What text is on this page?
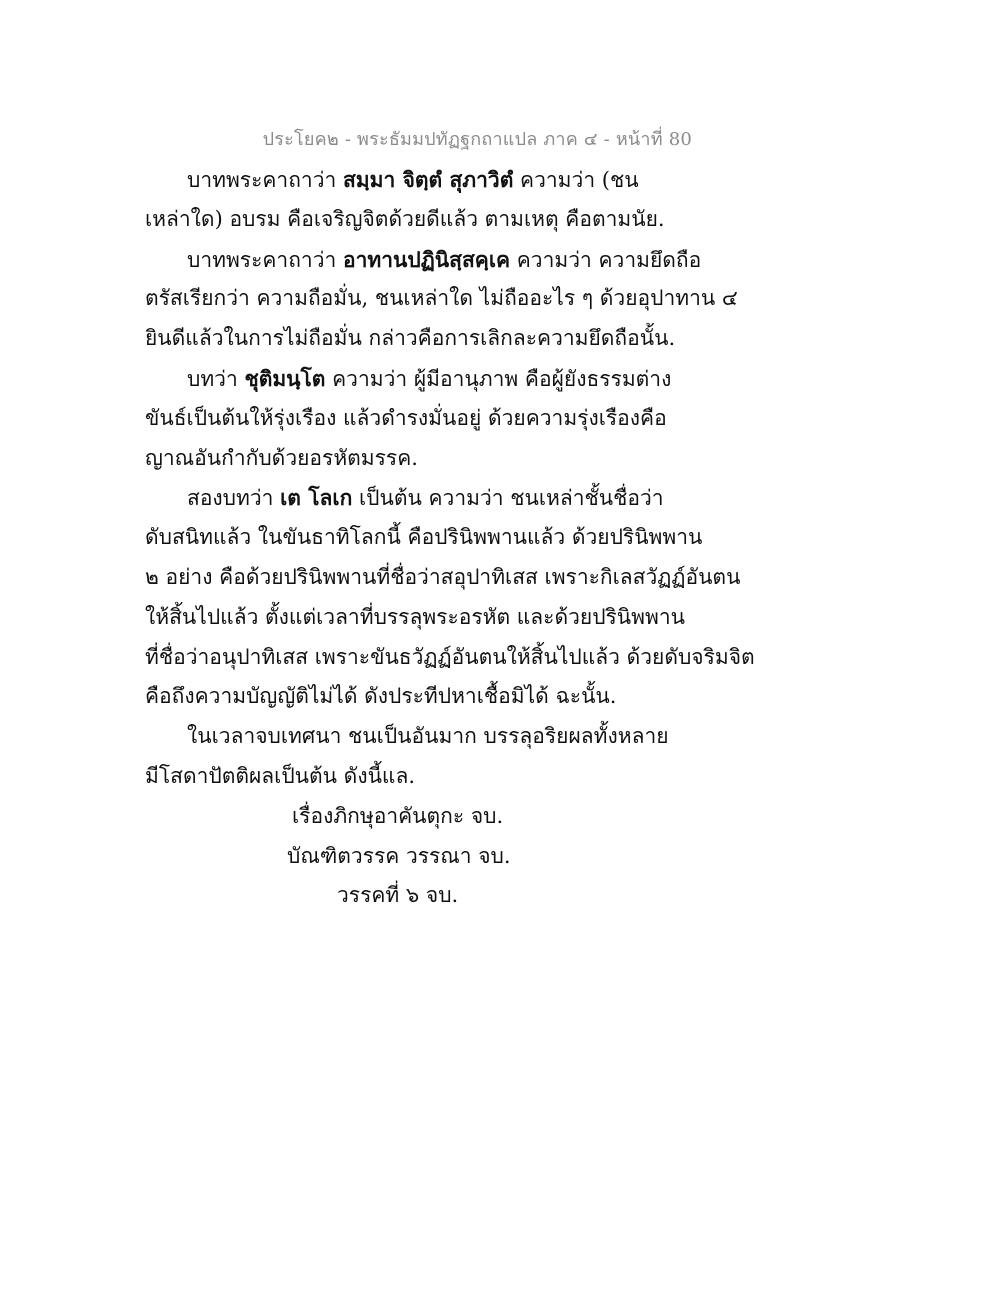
ประโยค๒ - พระธัมมปทัฏฐกถาแปล ภาค ๔ - หน้าที่ 80
บาทพระคาถาว่า สมฺมา จิตฺตํ สุภาวิตํ ความว่า (ชน
เหล่าใด) อบรม คือเจริญจิตด้วยดีแล้ว ตามเหตุ คือตามนัย.
บาทพระคาถาว่า อาทานปฏินิสฺสคฺเค ความว่า ความยึดถือ
ตรัสเรียกว่า ความถือมั่น, ชนเหล่าใด ไม่ถืออะไร ๆ ด้วยอุปาทาน ๔
ยินดีแล้วในการไม่ถือมั่น กล่าวคือการเลิกละความยึดถือนั้น.
บทว่า ชุติมนฺโต ความว่า ผู้มีอานุภาพ คือผู้ยังธรรมต่าง
ขันธ์เป็นต้นให้รุ่งเรือง แล้วดำรงมั่นอยู่ ด้วยความรุ่งเรืองคือ
ญาณอันกำกับด้วยอรหัตมรรค.
สองบทว่า เต โลเก เป็นต้น ความว่า ชนเหล่าชั้นชื่อว่า
ดับสนิทแล้ว ในขันธาทิโลกนี้ คือปรินิพพานแล้ว ด้วยปรินิพพาน
๒ อย่าง คือด้วยปรินิพพานที่ชื่อว่าสอุปาทิเสส เพราะกิเลสวัฏฏ์อันตน
ให้สิ้นไปแล้ว ตั้งแต่เวลาที่บรรลุพระอรหัต และด้วยปรินิพพาน
ที่ชื่อว่าอนุปาทิเสส เพราะขันธวัฏฏ์อันตนให้สิ้นไปแล้ว ด้วยดับจริมจิต
คือถึงความบัญญัติไม่ได้ ดังประทีปหาเชื้อมิได้ ฉะนั้น.
ในเวลาจบเทศนา ชนเป็นอันมาก บรรลุอริยผลทั้งหลาย
มีโสดาปัตติผลเป็นต้น ดังนี้แล.
เรื่องภิกษุอาคันตุกะ จบ.
บัณฑิตวรรค วรรณา จบ.
วรรคที่ ๖ จบ.
